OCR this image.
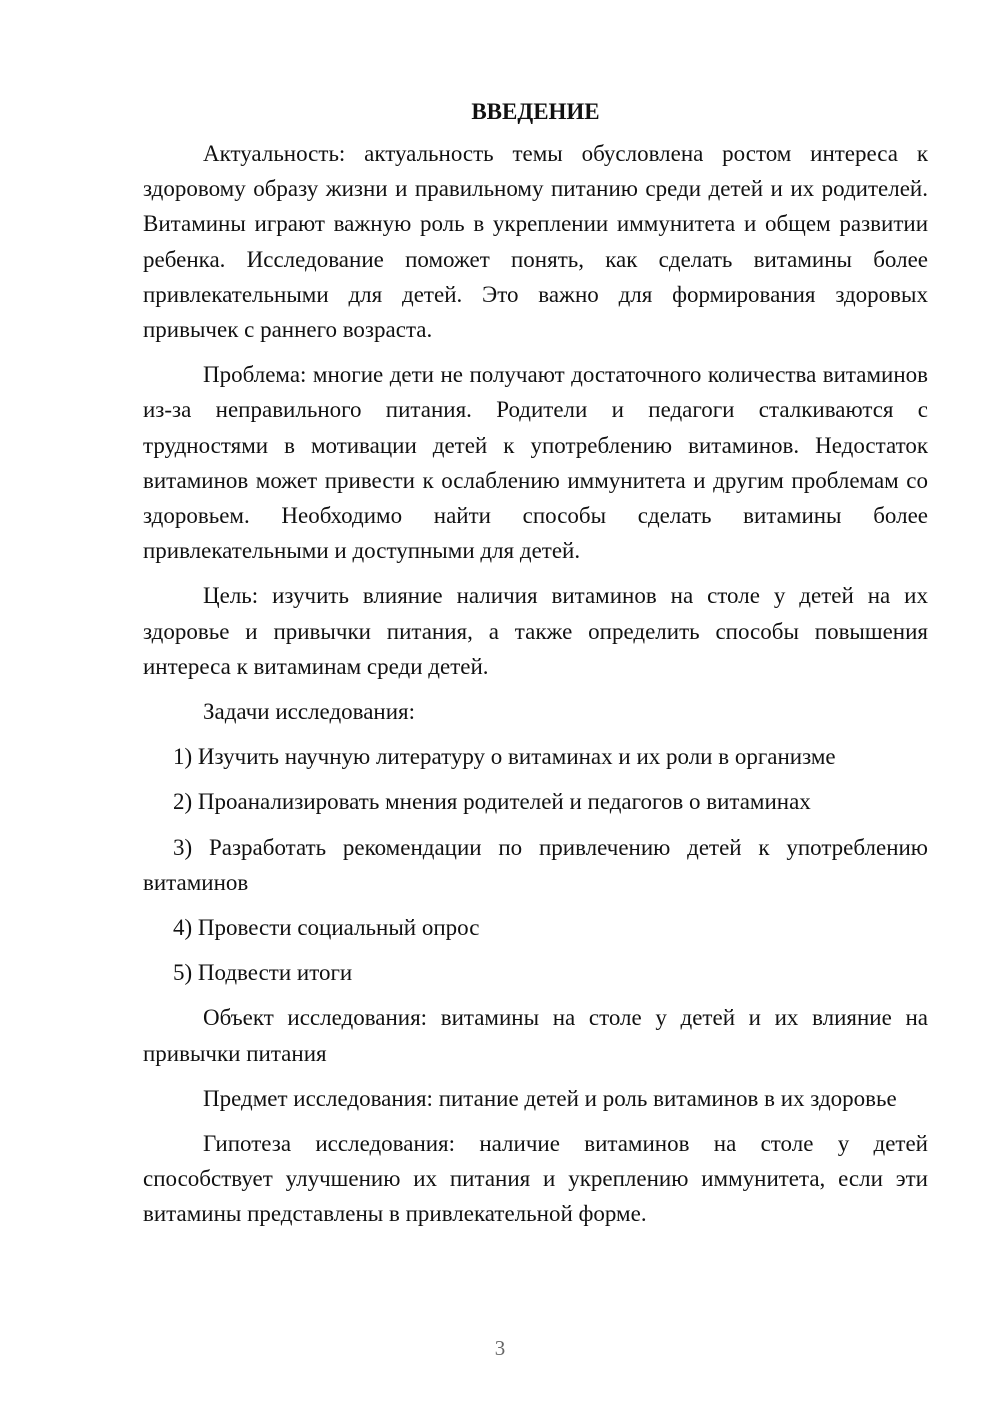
ВВЕДЕНИЕ

Актуальность: актуальность темы обусловлена ростом интереса к здоровому образу жизни и правильному питанию среди детей и их родителей. Витамины играют важную роль в укреплении иммунитета и общем развитии ребенка. Исследование поможет понять, как сделать витамины более привлекательными для детей. Это важно для формирования здоровых привычек с раннего возраста.

Проблема: многие дети не получают достаточного количества витаминов из-за неправильного питания. Родители и педагоги сталкиваются с трудностями в мотивации детей к употреблению витаминов. Недостаток витаминов может привести к ослаблению иммунитета и другим проблемам со здоровьем. Необходимо найти способы сделать витамины более привлекательными и доступными для детей.

Цель: изучить влияние наличия витаминов на столе у детей на их здоровье и привычки питания, а также определить способы повышения интереса к витаминам среди детей.

Задачи исследования:

1) Изучить научную литературу о витаминах и их роли в организме

2) Проанализировать мнения родителей и педагогов о витаминах

3) Разработать рекомендации по привлечению детей к употреблению витаминов

4) Провести социальный опрос

5) Подвести итоги

Объект исследования: витамины на столе у детей и их влияние на привычки питания

Предмет исследования: питание детей и роль витаминов в их здоровье

Гипотеза исследования: наличие витаминов на столе у детей способствует улучшению их питания и укреплению иммунитета, если эти витамины представлены в привлекательной форме.

3
